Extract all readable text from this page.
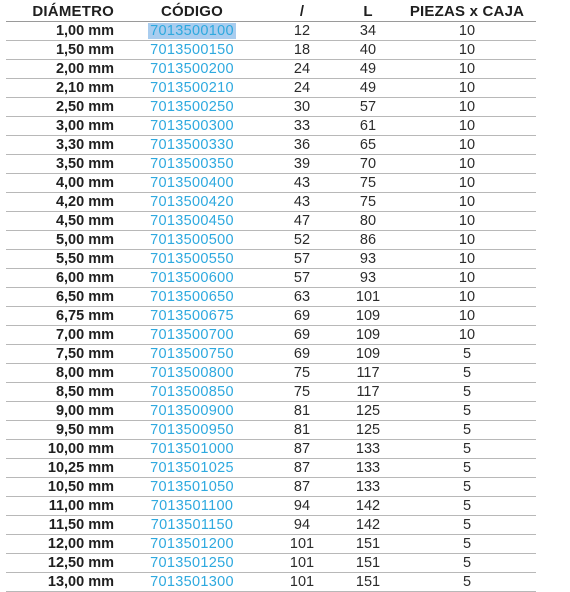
DIÁMETRO	CÓDIGO	/	L	PIEZAS x CAJA
1,00 mm	7013500100	12	34	10
1,50 mm	7013500150	18	40	10
2,00 mm	7013500200	24	49	10
2,10 mm	7013500210	24	49	10
2,50 mm	7013500250	30	57	10
3,00 mm	7013500300	33	61	10
3,30 mm	7013500330	36	65	10
3,50 mm	7013500350	39	70	10
4,00 mm	7013500400	43	75	10
4,20 mm	7013500420	43	75	10
4,50 mm	7013500450	47	80	10
5,00 mm	7013500500	52	86	10
5,50 mm	7013500550	57	93	10
6,00 mm	7013500600	57	93	10
6,50 mm	7013500650	63	101	10
6,75 mm	7013500675	69	109	10
7,00 mm	7013500700	69	109	10
7,50 mm	7013500750	69	109	5
8,00 mm	7013500800	75	117	5
8,50 mm	7013500850	75	117	5
9,00 mm	7013500900	81	125	5
9,50 mm	7013500950	81	125	5
10,00 mm	7013501000	87	133	5
10,25 mm	7013501025	87	133	5
10,50 mm	7013501050	87	133	5
11,00 mm	7013501100	94	142	5
11,50 mm	7013501150	94	142	5
12,00 mm	7013501200	101	151	5
12,50 mm	7013501250	101	151	5
13,00 mm	7013501300	101	151	5
